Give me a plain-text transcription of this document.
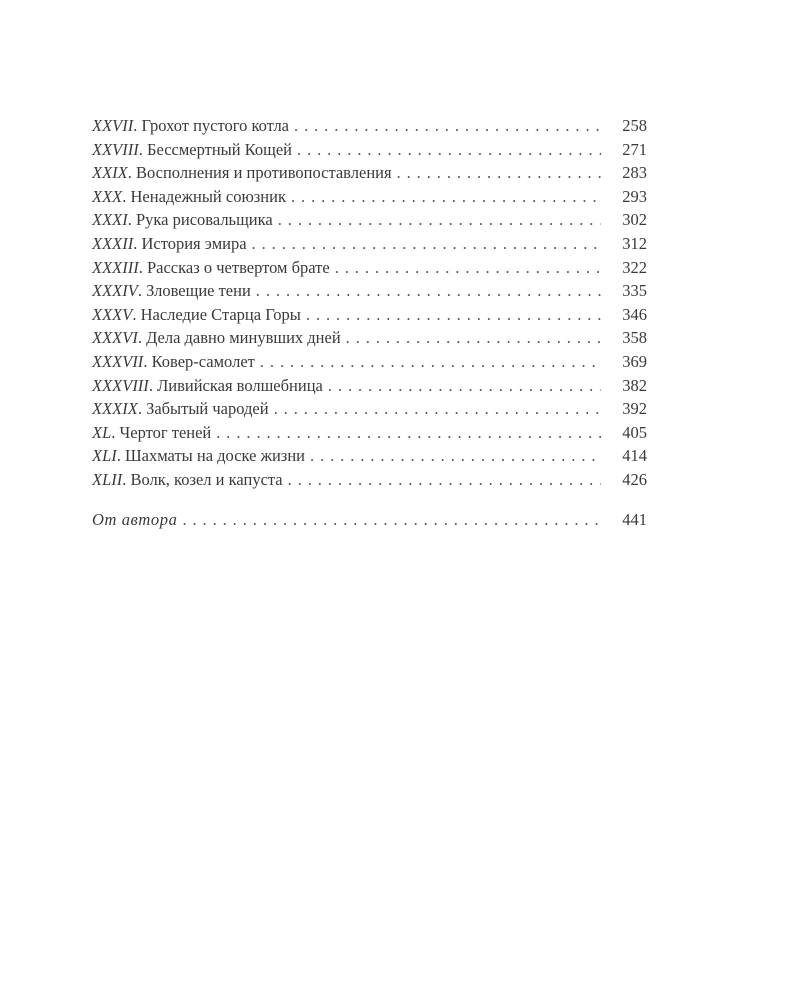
XXVII. Грохот пустого котла . . .	258
XXVIII. Бессмертный Кощей . . .	271
XXIX. Восполнения и противопоставления . . .	283
XXX. Ненадежный союзник . . .	293
XXXI. Рука рисовальщика . . .	302
XXXII. История эмира . . .	312
XXXIII. Рассказ о четвертом брате . . .	322
XXXIV. Зловещие тени . . .	335
XXXV. Наследие Старца Горы . . .	346
XXXVI. Дела давно минувших дней . . .	358
XXXVII. Ковер-самолет . . .	369
XXXVIII. Ливийская волшебница . . .	382
XXXIX. Забытый чародей . . .	392
XL. Чертог теней . . .	405
XLI. Шахматы на доске жизни . . .	414
XLII. Волк, козел и капуста . . .	426
От автора . . .	441
